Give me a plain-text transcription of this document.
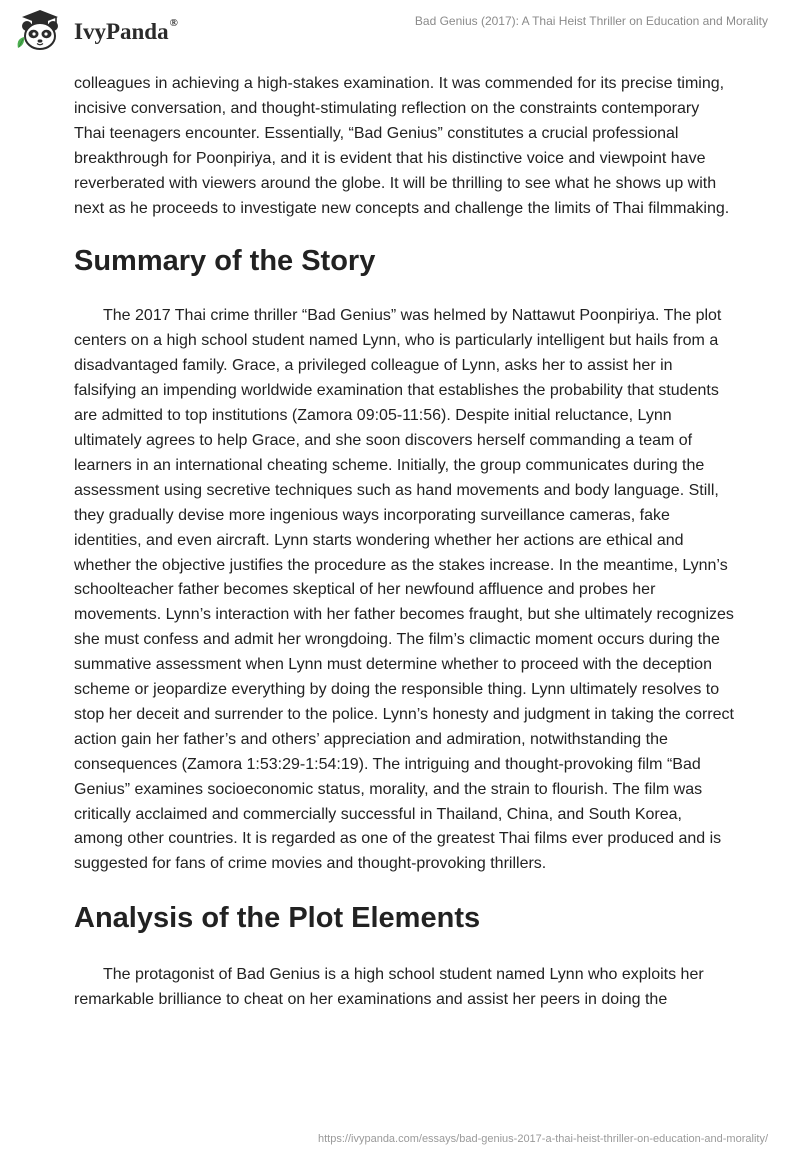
IvyPanda®	Bad Genius (2017): A Thai Heist Thriller on Education and Morality

colleagues in achieving a high-stakes examination. It was commended for its precise timing, incisive conversation, and thought-stimulating reflection on the constraints contemporary Thai teenagers encounter. Essentially, “Bad Genius” constitutes a crucial professional breakthrough for Poonpiriya, and it is evident that his distinctive voice and viewpoint have reverberated with viewers around the globe. It will be thrilling to see what he shows up with next as he proceeds to investigate new concepts and challenge the limits of Thai filmmaking.

Summary of the Story

The 2017 Thai crime thriller “Bad Genius” was helmed by Nattawut Poonpiriya. The plot centers on a high school student named Lynn, who is particularly intelligent but hails from a disadvantaged family. Grace, a privileged colleague of Lynn, asks her to assist her in falsifying an impending worldwide examination that establishes the probability that students are admitted to top institutions (Zamora 09:05-11:56). Despite initial reluctance, Lynn ultimately agrees to help Grace, and she soon discovers herself commanding a team of learners in an international cheating scheme. Initially, the group communicates during the assessment using secretive techniques such as hand movements and body language. Still, they gradually devise more ingenious ways incorporating surveillance cameras, fake identities, and even aircraft. Lynn starts wondering whether her actions are ethical and whether the objective justifies the procedure as the stakes increase. In the meantime, Lynn’s schoolteacher father becomes skeptical of her newfound affluence and probes her movements. Lynn’s interaction with her father becomes fraught, but she ultimately recognizes she must confess and admit her wrongdoing. The film’s climactic moment occurs during the summative assessment when Lynn must determine whether to proceed with the deception scheme or jeopardize everything by doing the responsible thing. Lynn ultimately resolves to stop her deceit and surrender to the police. Lynn’s honesty and judgment in taking the correct action gain her father’s and others’ appreciation and admiration, notwithstanding the consequences (Zamora 1:53:29-1:54:19). The intriguing and thought-provoking film “Bad Genius” examines socioeconomic status, morality, and the strain to flourish. The film was critically acclaimed and commercially successful in Thailand, China, and South Korea, among other countries. It is regarded as one of the greatest Thai films ever produced and is suggested for fans of crime movies and thought-provoking thrillers.

Analysis of the Plot Elements

The protagonist of Bad Genius is a high school student named Lynn who exploits her remarkable brilliance to cheat on her examinations and assist her peers in doing the

https://ivypanda.com/essays/bad-genius-2017-a-thai-heist-thriller-on-education-and-morality/
